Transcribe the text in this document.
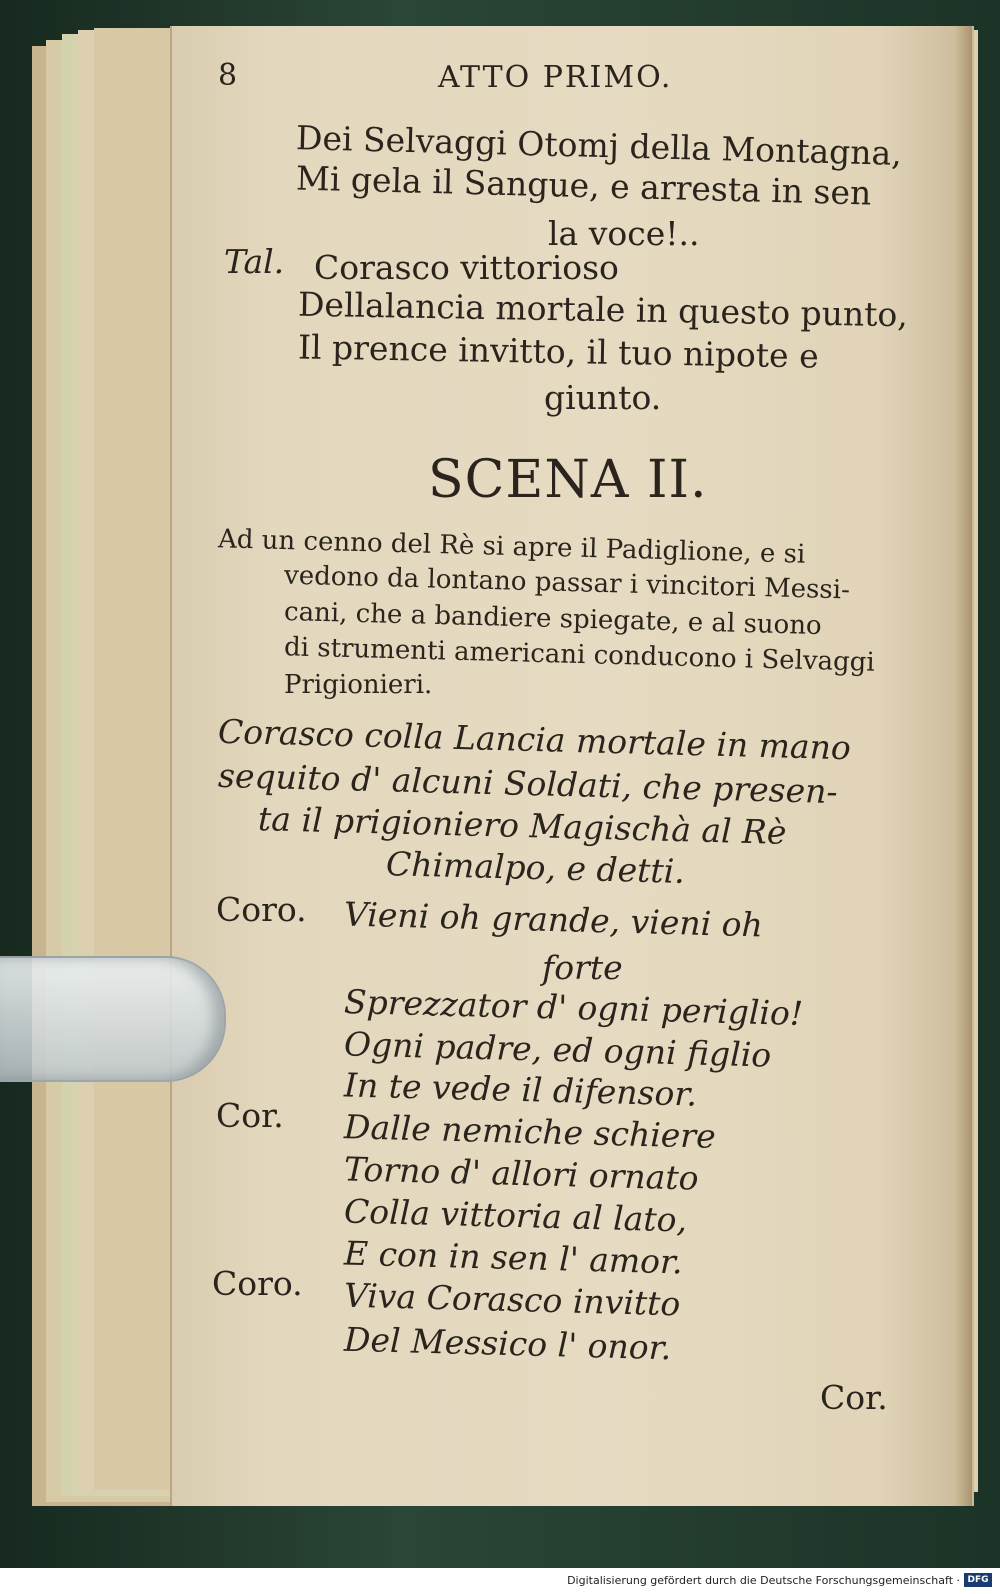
8	ATTO PRIMO.
Dei Selvaggi Otomj della Montagna,
Mi gela il Sangue, e arresta in sen
la voce!..
Tal. Corasco vittorioso
Dellalancia mortale in questo punto,
Il prence invitto, il tuo nipote e
giunto.
SCENA II.
Ad un cenno del Rè si apre il Padiglione, e si
vedono da lontano passar i vincitori Messi-
cani, che a bandiere spiegate, e al suono
di strumenti americani conducono i Selvaggi
Prigionieri.
Corasco colla Lancia mortale in mano
sequito d' alcuni Soldati, che presen-
ta il prigioniero Magischà al Rè
Chimalpo, e detti.
Coro. Vieni oh grande, vieni oh
forte
Sprezzator d' ogni periglio!
Ogni padre, ed ogni figlio
In te vede il difensor.
Cor. Dalle nemiche schiere
Torno d' allori ornato
Colla vittoria al lato,
E con in sen l' amor.
Coro. Viva Corasco invitto
Del Messico l' onor.
Cor.
Digitalisierung gefördert durch die Deutsche Forschungsgemeinschaft · DFG
